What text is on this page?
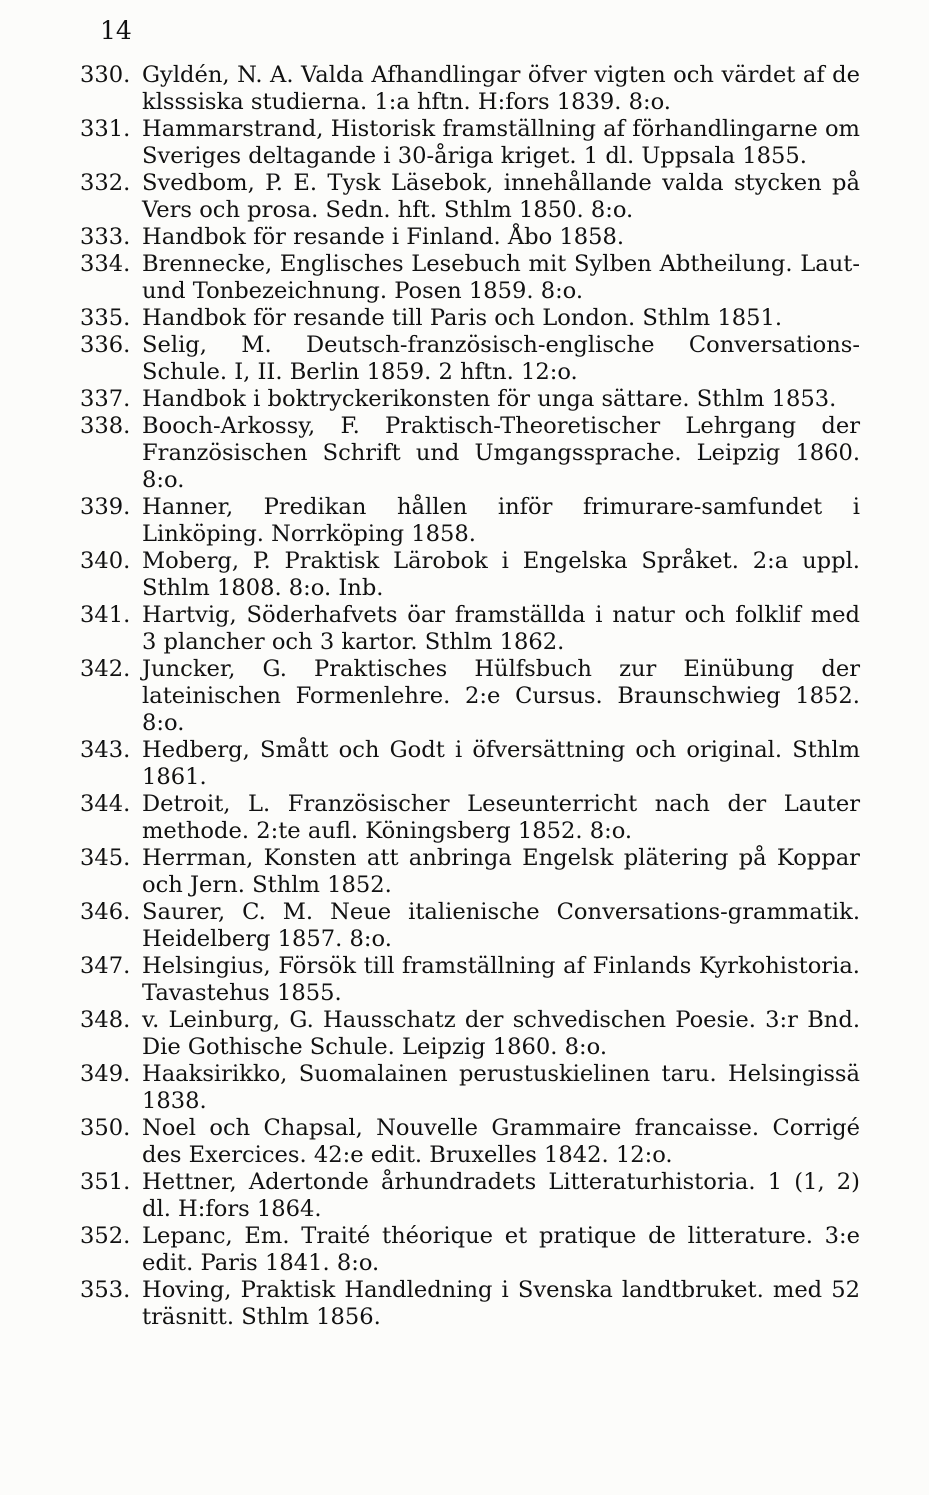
14
330. Gyldén, N. A. Valda Afhandlingar öfver vigten och värdet af de klsssiska studierna. 1:a hftn. H:fors 1839. 8:o.
331. Hammarstrand, Historisk framställning af förhandlingarne om Sveriges deltagande i 30-åriga kriget. 1 dl. Uppsala 1855.
332. Svedbom, P. E. Tysk Läsebok, innehållande valda stycken på Vers och prosa. Sedn. hft. Sthlm 1850. 8:o.
333. Handbok för resande i Finland. Åbo 1858.
334. Brennecke, Englisches Lesebuch mit Sylben Abtheilung. Laut- und Tonbezeichnung. Posen 1859. 8:o.
335. Handbok för resande till Paris och London. Sthlm 1851.
336. Selig, M. Deutsch-französisch-englische Conversations-Schule. I, II. Berlin 1859. 2 hftn. 12:o.
337. Handbok i boktryckerikonsten för unga sättare. Sthlm 1853.
338. Booch-Arkossy, F. Praktisch-Theoretischer Lehrgang der Französischen Schrift und Umgangssprache. Leipzig 1860. 8:o.
339. Hanner, Predikan hållen inför frimurare-samfundet i Linköping. Norrköping 1858.
340. Moberg, P. Praktisk Lärobok i Engelska Språket. 2:a uppl. Sthlm 1808. 8:o. Inb.
341. Hartvig, Söderhafvets öar framställda i natur och folklif med 3 plancher och 3 kartor. Sthlm 1862.
342. Juncker, G. Praktisches Hülfsbuch zur Einübung der lateinischen Formenlehre. 2:e Cursus. Braunschwieg 1852. 8:o.
343. Hedberg, Smått och Godt i öfversättning och original. Sthlm 1861.
344. Detroit, L. Französischer Leseunterricht nach der Lauter methode. 2:te aufl. Köningsberg 1852. 8:o.
345. Herrman, Konsten att anbringa Engelsk plätering på Koppar och Jern. Sthlm 1852.
346. Saurer, C. M. Neue italienische Conversations-grammatik. Heidelberg 1857. 8:o.
347. Helsingius, Försök till framställning af Finlands Kyrkohistoria. Tavastehus 1855.
348. v. Leinburg, G. Hausschatz der schvedischen Poesie. 3:r Bnd. Die Gothische Schule. Leipzig 1860. 8:o.
349. Haaksirikko, Suomalainen perustuskielinen taru. Helsingissä 1838.
350. Noel och Chapsal, Nouvelle Grammaire francaisse. Corrigé des Exercices. 42:e edit. Bruxelles 1842. 12:o.
351. Hettner, Adertonde århundradets Litteraturhistoria. 1 (1, 2) dl. H:fors 1864.
352. Lepanc, Em. Traité théorique et pratique de litterature. 3:e edit. Paris 1841. 8:o.
353. Hoving, Praktisk Handledning i Svenska landtbruket. med 52 träsnitt. Sthlm 1856.
